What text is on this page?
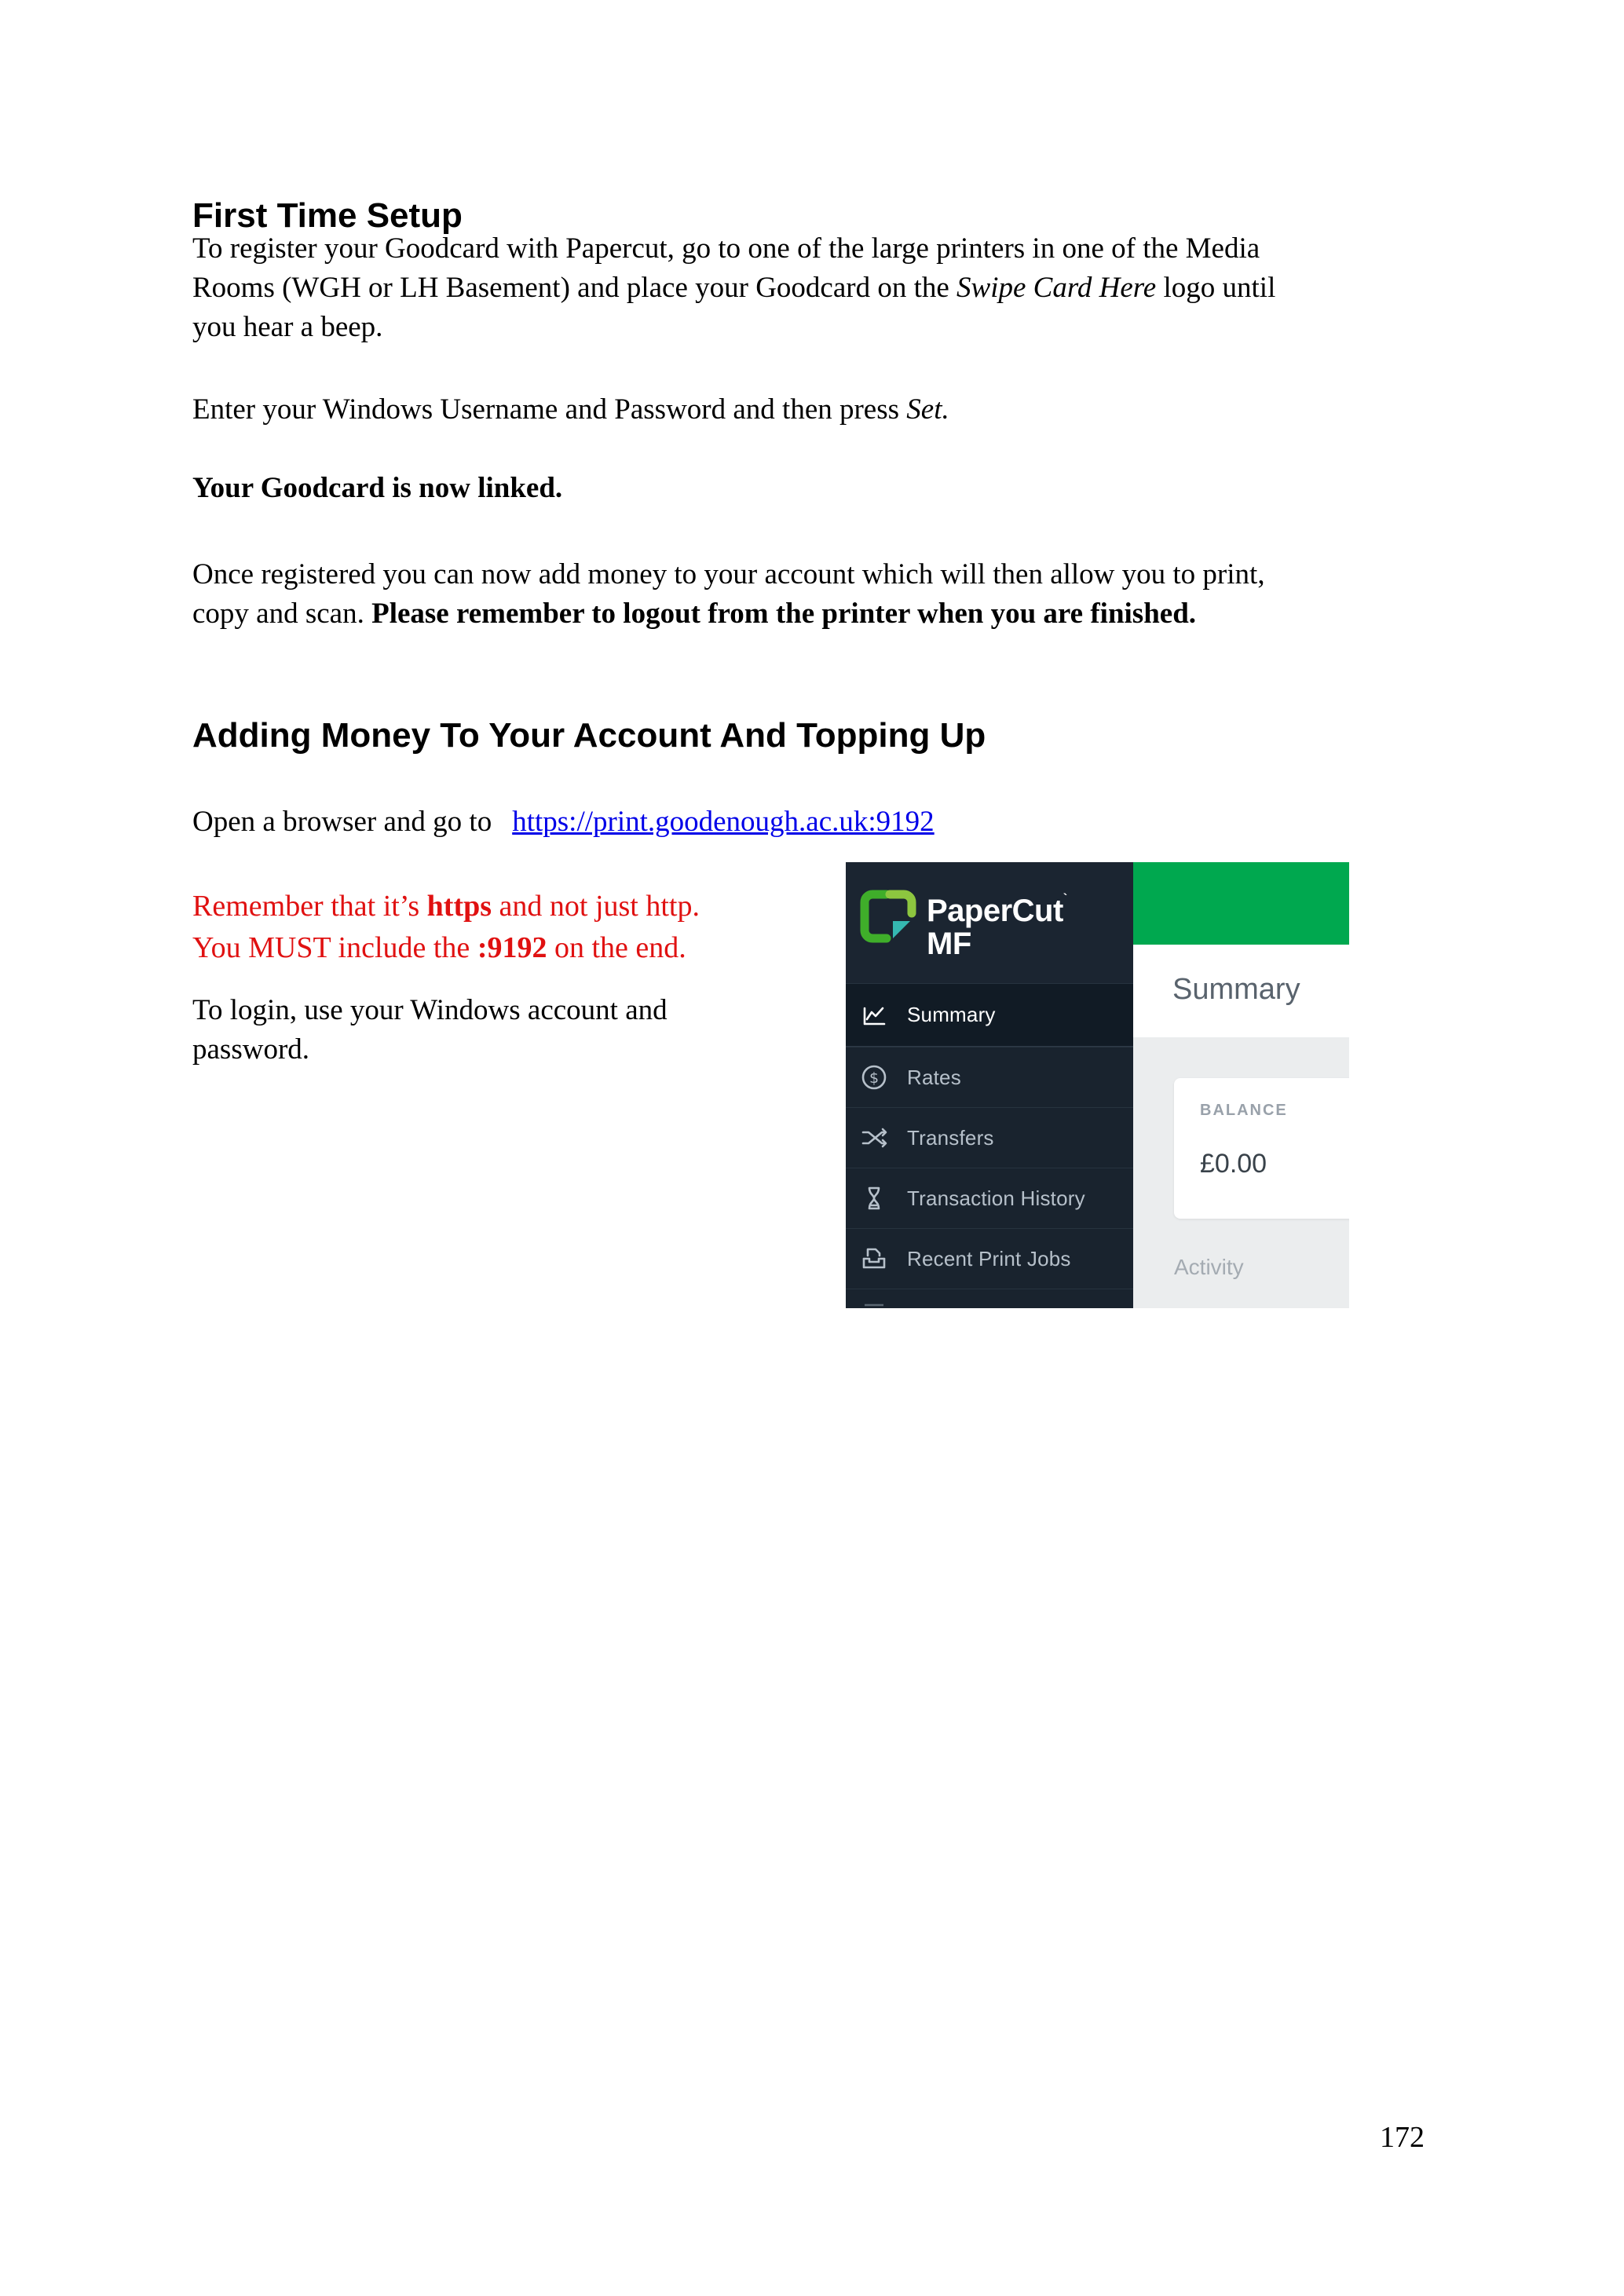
First Time Setup
To register your Goodcard with Papercut, go to one of the large printers in one of the Media
Rooms (WGH or LH Basement) and place your Goodcard on the Swipe Card Here logo until
you hear a beep.
Enter your Windows Username and Password and then press Set.
Your Goodcard is now linked.
Once registered you can now add money to your account which will then allow you to print,
copy and scan. Please remember to logout from the printer when you are finished.
Adding Money To Your Account And Topping Up
Open a browser and go to https://print.goodenough.ac.uk:9192
Remember that it’s https and not just http.
You MUST include the :9192 on the end.
To login, use your Windows account and
password.
172
PaperCut`
MF
Summary
$ Rates
Transfers
Transaction History
Recent Print Jobs
Summary
BALANCE
£0.00
Activity
